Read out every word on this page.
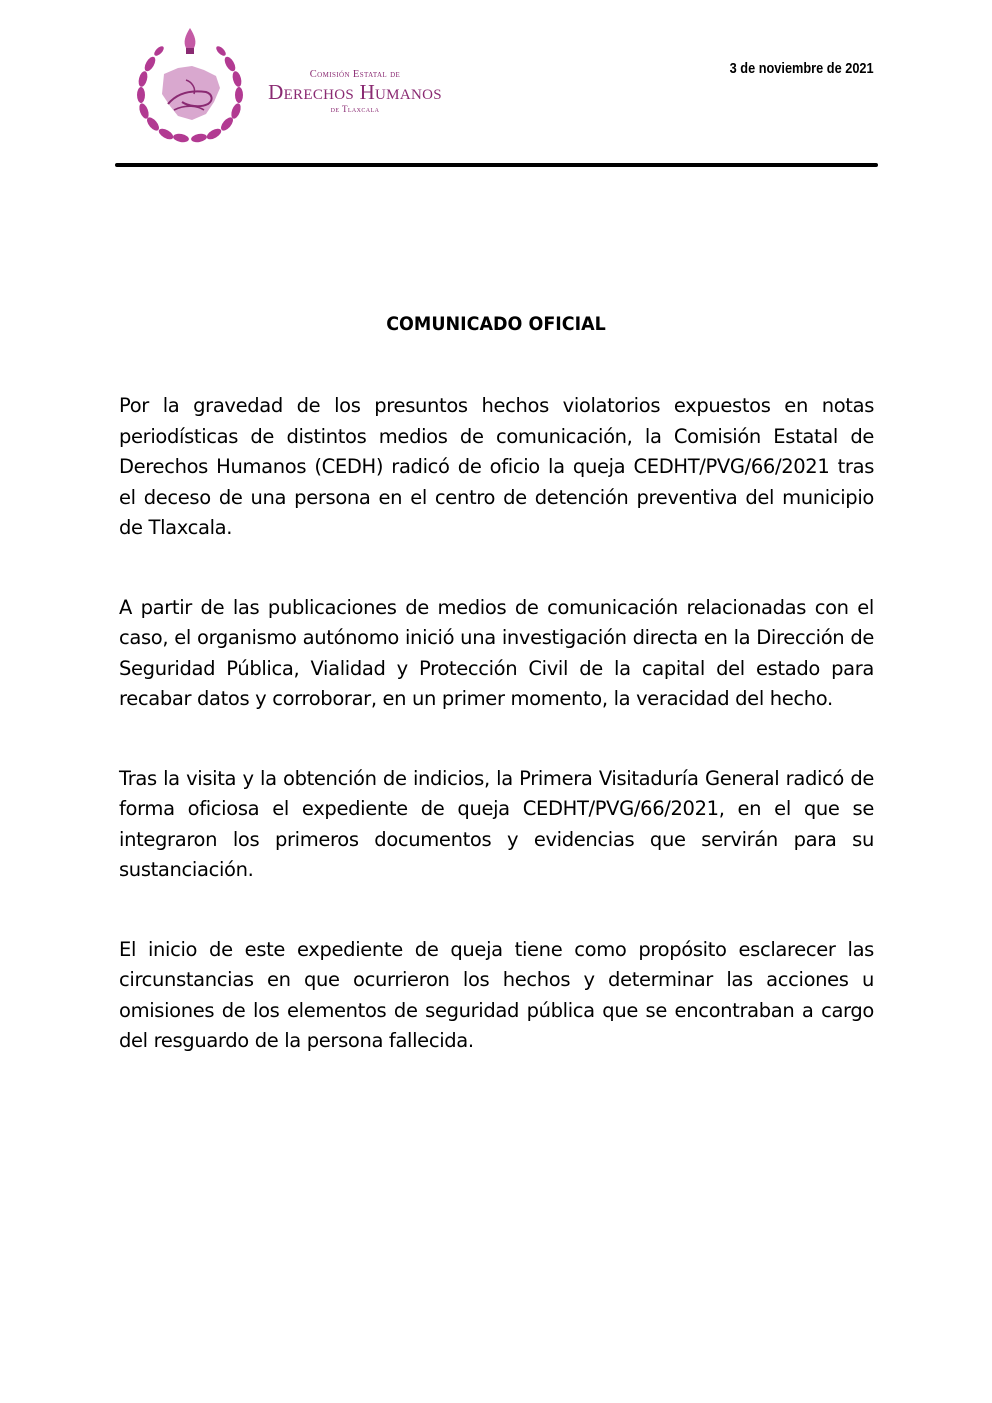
Comisión Estatal de
Derechos Humanos
de Tlaxcala
3 de noviembre de 2021
COMUNICADO OFICIAL

Por la gravedad de los presuntos hechos violatorios expuestos en notas periodísticas de distintos medios de comunicación, la Comisión Estatal de Derechos Humanos (CEDH) radicó de oficio la queja CEDHT/PVG/66/2021 tras el deceso de una persona en el centro de detención preventiva del municipio de Tlaxcala.

A partir de las publicaciones de medios de comunicación relacionadas con el caso, el organismo autónomo inició una investigación directa en la Dirección de Seguridad Pública, Vialidad y Protección Civil de la capital del estado para recabar datos y corroborar, en un primer momento, la veracidad del hecho.

Tras la visita y la obtención de indicios, la Primera Visitaduría General radicó de forma oficiosa el expediente de queja CEDHT/PVG/66/2021, en el que se integraron los primeros documentos y evidencias que servirán para su sustanciación.

El inicio de este expediente de queja tiene como propósito esclarecer las circunstancias en que ocurrieron los hechos y determinar las acciones u omisiones de los elementos de seguridad pública que se encontraban a cargo del resguardo de la persona fallecida.
